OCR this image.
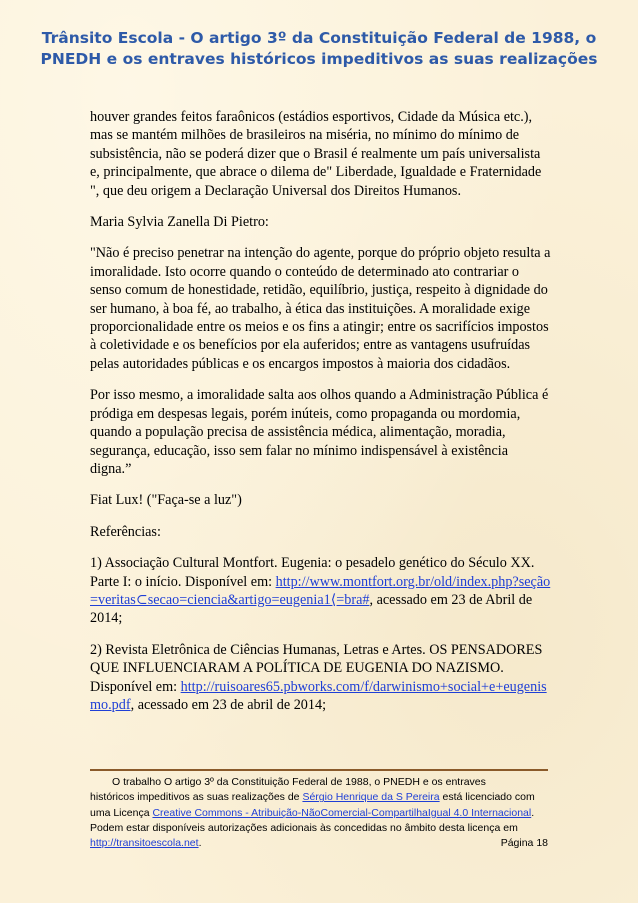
Trânsito Escola - O artigo 3º da Constituição Federal de 1988, o
PNEDH e os entraves históricos impeditivos as suas realizações

houver grandes feitos faraônicos (estádios esportivos, Cidade da Música etc.), mas se mantém milhões de brasileiros na miséria, no mínimo do mínimo de subsistência, não se poderá dizer que o Brasil é realmente um país universalista e, principalmente, que abrace o dilema de" Liberdade, Igualdade e Fraternidade ", que deu origem a Declaração Universal dos Direitos Humanos.

Maria Sylvia Zanella Di Pietro:

"Não é preciso penetrar na intenção do agente, porque do próprio objeto resulta a imoralidade. Isto ocorre quando o conteúdo de determinado ato contrariar o senso comum de honestidade, retidão, equilíbrio, justiça, respeito à dignidade do ser humano, à boa fé, ao trabalho, à ética das instituições. A moralidade exige proporcionalidade entre os meios e os fins a atingir; entre os sacrifícios impostos à coletividade e os benefícios por ela auferidos; entre as vantagens usufruídas pelas autoridades públicas e os encargos impostos à maioria dos cidadãos.

Por isso mesmo, a imoralidade salta aos olhos quando a Administração Pública é pródiga em despesas legais, porém inúteis, como propaganda ou mordomia, quando a população precisa de assistência médica, alimentação, moradia, segurança, educação, isso sem falar no mínimo indispensável à existência digna.”

Fiat Lux! ("Faça-se a luz")

Referências:

1) Associação Cultural Montfort. Eugenia: o pesadelo genético do Século XX. Parte I: o início. Disponível em: http://www.montfort.org.br/old/index.php?seção=veritas⊂secao=ciencia&artigo=eugenia1⟨=bra#, acessado em 23 de Abril de 2014;

2) Revista Eletrônica de Ciências Humanas, Letras e Artes. OS PENSADORES QUE INFLUENCIARAM A POLÍTICA DE EUGENIA DO NAZISMO. Disponível em: http://ruisoares65.pbworks.com/f/darwinismo+social+e+eugenismo.pdf, acessado em 23 de abril de 2014;

O trabalho O artigo 3º da Constituição Federal de 1988, o PNEDH e os entraves
históricos impeditivos as suas realizações de Sérgio Henrique da S Pereira está licenciado com
uma Licença Creative Commons - Atribuição-NãoComercial-CompartilhaIgual 4.0 Internacional.
Podem estar disponíveis autorizações adicionais às concedidas no âmbito desta licença em
http://transitoescola.net.	Página 18
